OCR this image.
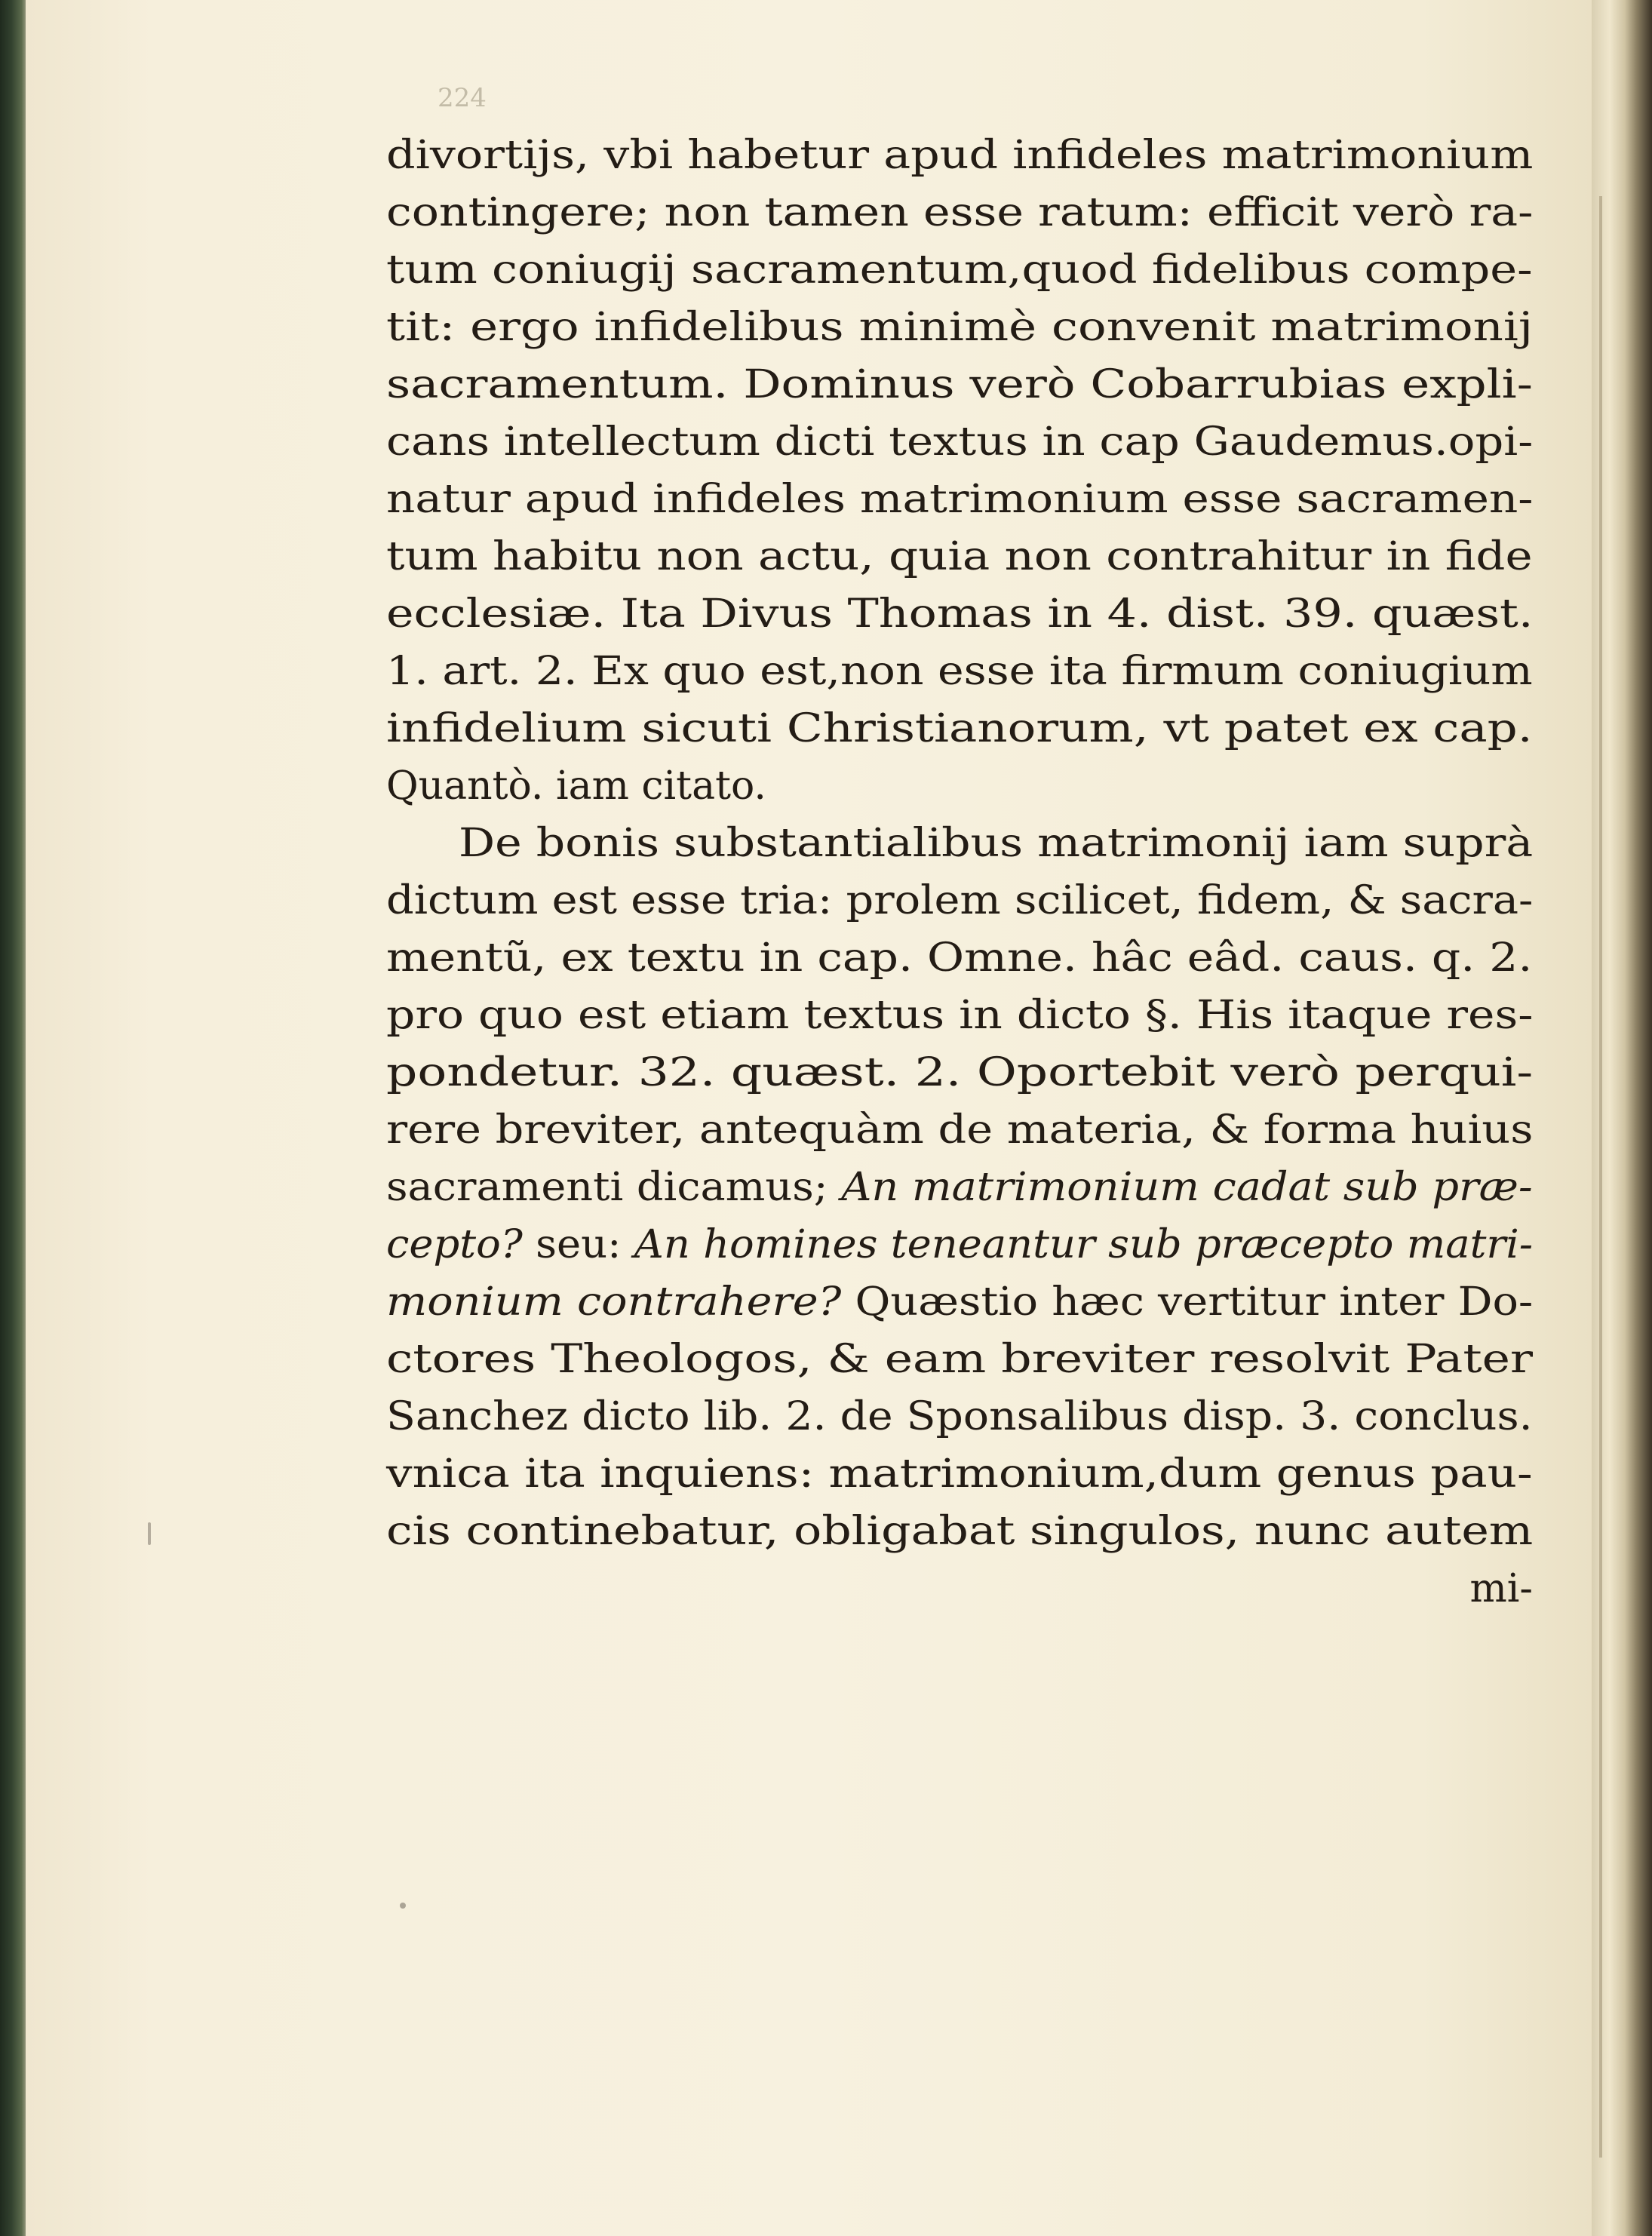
224
divortijs, vbi habetur apud infideles matrimonium
contingere; non tamen esse ratum: efficit verò ra-
tum coniugij sacramentum,quod fidelibus compe-
tit: ergo infidelibus minimè convenit matrimonij
sacramentum. Dominus verò Cobarrubias expli-
cans intellectum dicti textus in cap Gaudemus.opi-
natur apud infideles matrimonium esse sacramen-
tum habitu non actu, quia non contrahitur in fide
ecclesiæ. Ita Divus Thomas in 4. dist. 39. quæst.
1. art. 2. Ex quo est,non esse ita firmum coniugium
infidelium sicuti Christianorum, vt patet ex cap.
Quantò. iam citato.
De bonis substantialibus matrimonij iam suprà
dictum est esse tria: prolem scilicet, fidem, & sacra-
mentũ, ex textu in cap. Omne. hâc eâd. caus. q. 2.
pro quo est etiam textus in dicto §. His itaque res-
pondetur. 32. quæst. 2. Oportebit verò perqui-
rere breviter, antequàm de materia, & forma huius
sacramenti dicamus; An matrimonium cadat sub præ-
cepto? seu: An homines teneantur sub præcepto matri-
monium contrahere? Quæstio hæc vertitur inter Do-
ctores Theologos, & eam breviter resolvit Pater
Sanchez dicto lib. 2. de Sponsalibus disp. 3. conclus.
vnica ita inquiens: matrimonium,dum genus pau-
cis continebatur, obligabat singulos, nunc autem
mi-
